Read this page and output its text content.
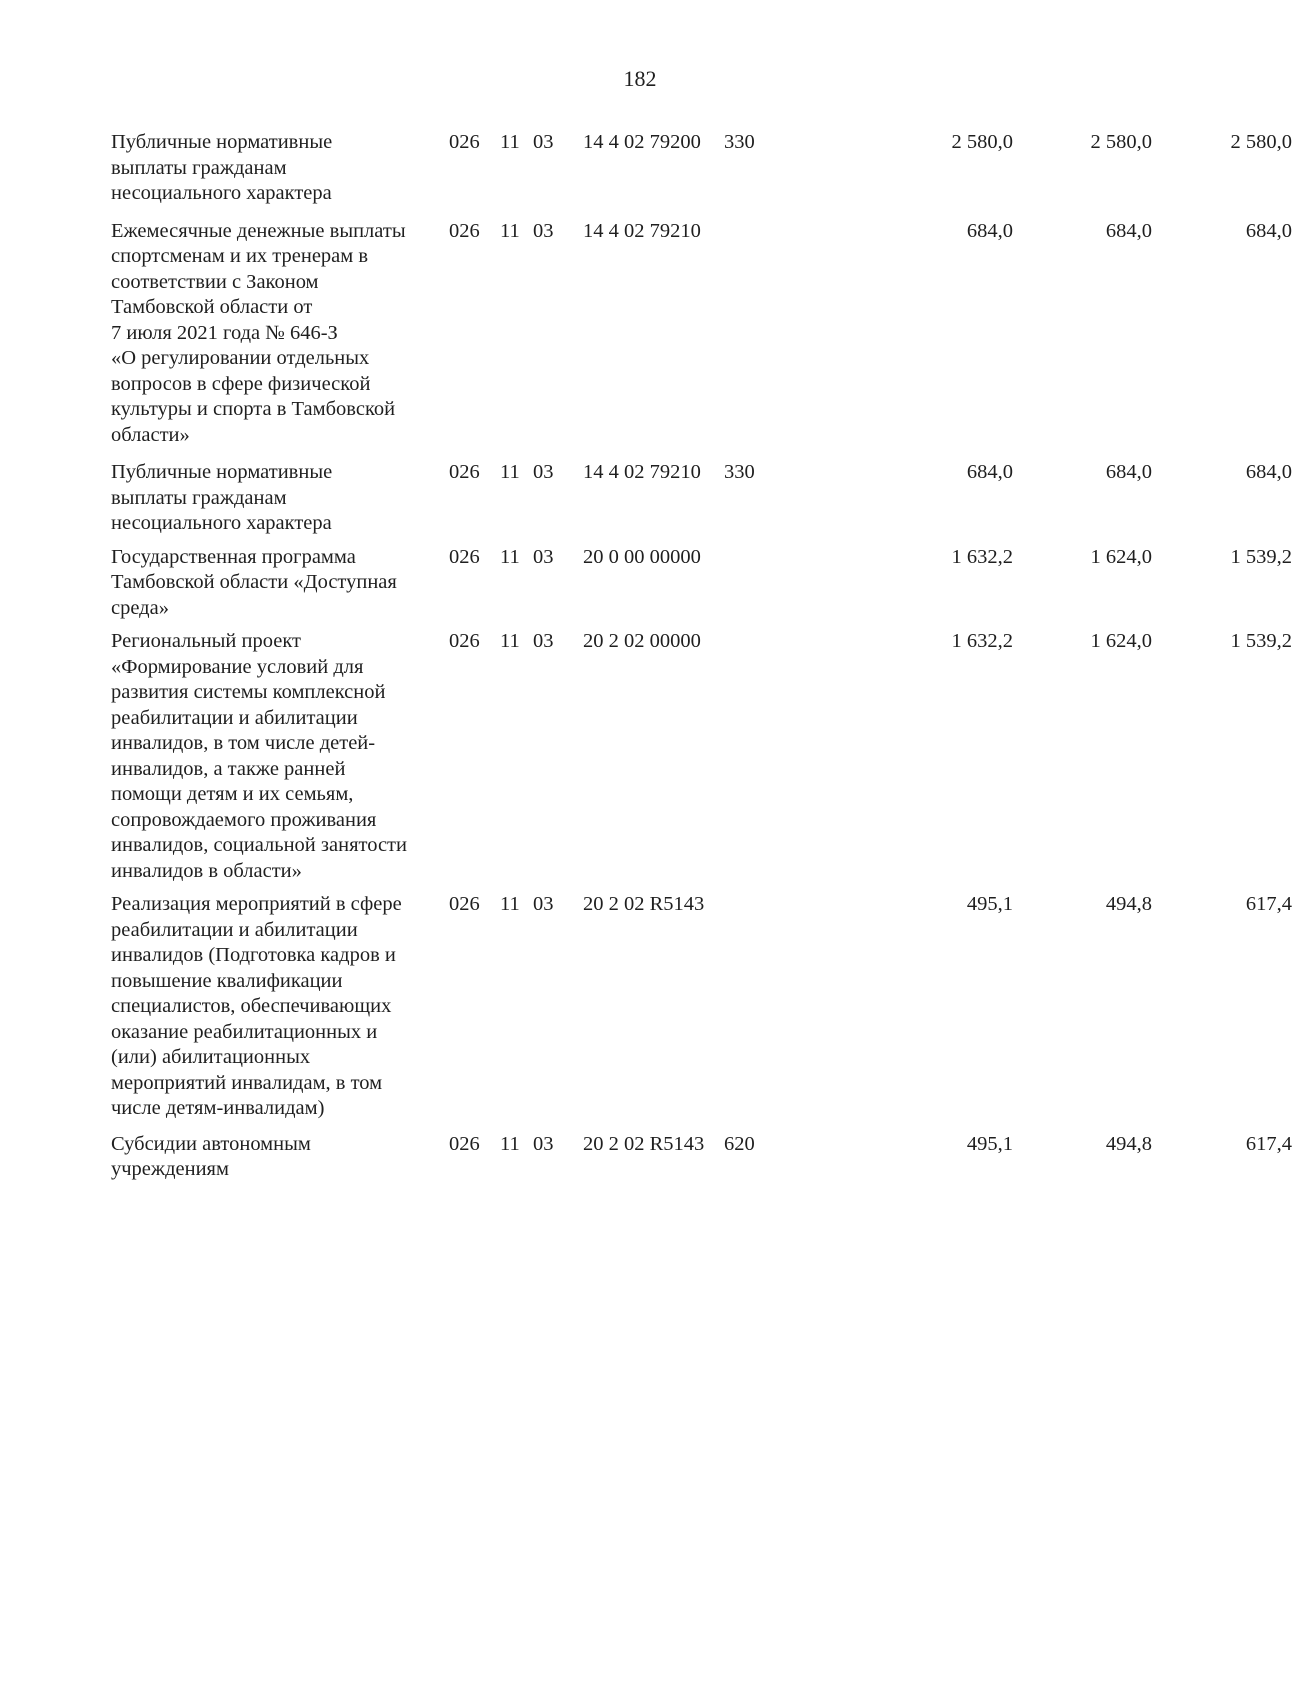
182
Публичные нормативные
выплаты гражданам
несоциального характера
026 11 03 14 4 02 79200 330	2 580,0	2 580,0	2 580,0
Ежемесячные денежные выплаты
спортсменам и их тренерам в
соответствии с Законом
Тамбовской области от
7 июля 2021 года № 646-З
«О регулировании отдельных
вопросов в сфере физической
культуры и спорта в Тамбовской
области»
026 11 03 14 4 02 79210	684,0	684,0	684,0
Публичные нормативные
выплаты гражданам
несоциального характера
026 11 03 14 4 02 79210 330	684,0	684,0	684,0
Государственная программа
Тамбовской области «Доступная
среда»
026 11 03 20 0 00 00000	1 632,2	1 624,0	1 539,2
Региональный проект
«Формирование условий для
развития системы комплексной
реабилитации и абилитации
инвалидов, в том числе детей-
инвалидов, а также ранней
помощи детям и их семьям,
сопровождаемого проживания
инвалидов, социальной занятости
инвалидов в области»
026 11 03 20 2 02 00000	1 632,2	1 624,0	1 539,2
Реализация мероприятий в сфере
реабилитации и абилитации
инвалидов (Подготовка кадров и
повышение квалификации
специалистов, обеспечивающих
оказание реабилитационных и
(или) абилитационных
мероприятий инвалидам, в том
числе детям-инвалидам)
026 11 03 20 2 02 R5143	495,1	494,8	617,4
Субсидии автономным
учреждениям
026 11 03 20 2 02 R5143 620	495,1	494,8	617,4
